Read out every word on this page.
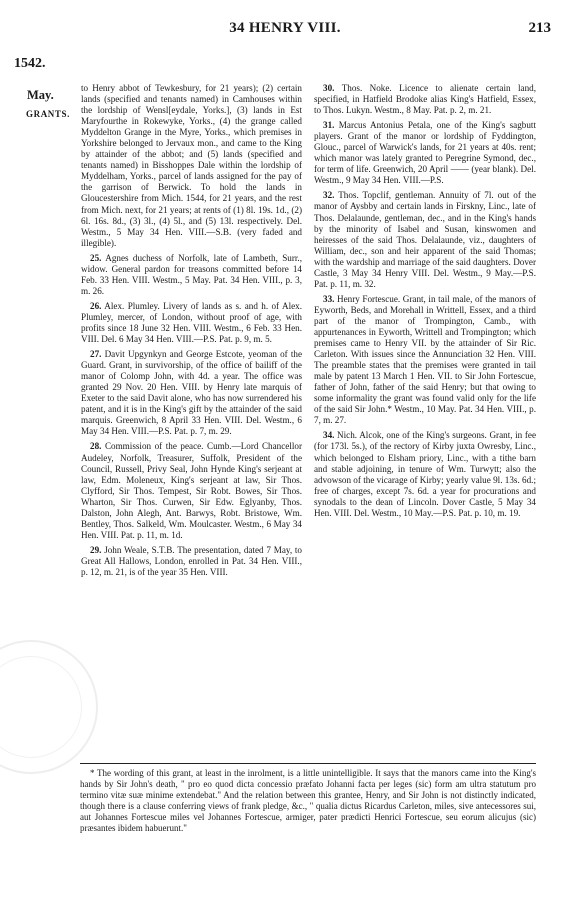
34 HENRY VIII.	213
1542.
May.
GRANTS.

to Henry abbot of Tewkesbury, for 21 years); (2) certain lands (specified and tenants named) in Camhouses within the lordship of Wensl[eydale, Yorks.], (3) lands in Est Maryfourthe in Rokewyke, Yorks., (4) the grange called Myddelton Grange in the Myre, Yorks., which premises in Yorkshire belonged to Jervaux mon., and came to the King by attainder of the abbot; and (5) lands (specified and tenants named) in Bisshoppes Dale within the lordship of Myddelham, Yorks., parcel of lands assigned for the pay of the garrison of Berwick. To hold the lands in Gloucestershire from Mich. 1544, for 21 years, and the rest from Mich. next, for 21 years; at rents of (1) 8l. 19s. 1d., (2) 6l. 16s. 8d., (3) 3l., (4) 5l., and (5) 13l. respectively. Del. Westm., 5 May 34 Hen. VIII.—S.B. (very faded and illegible).

25. Agnes duchess of Norfolk, late of Lambeth, Surr., widow. General pardon for treasons committed before 14 Feb. 33 Hen. VIII. Westm., 5 May. Pat. 34 Hen. VIII., p. 3, m. 26.

26. Alex. Plumley. Livery of lands as s. and h. of Alex. Plumley, mercer, of London, without proof of age, with profits since 18 June 32 Hen. VIII. Westm., 6 Feb. 33 Hen. VIII. Del. 6 May 34 Hen. VIII.—P.S. Pat. p. 9, m. 5.

27. Davit Upgynkyn and George Estcote, yeoman of the Guard. Grant, in survivorship, of the office of bailiff of the manor of Colomp John, with 4d. a year. The office was granted 29 Nov. 20 Hen. VIII. by Henry late marquis of Exeter to the said Davit alone, who has now surrendered his patent, and it is in the King's gift by the attainder of the said marquis. Greenwich, 8 April 33 Hen. VIII. Del. Westm., 6 May 34 Hen. VIII.—P.S. Pat. p. 7, m. 29.

28. Commission of the peace. Cumb.—Lord Chancellor Audeley, Norfolk, Treasurer, Suffolk, President of the Council, Russell, Privy Seal, John Hynde King's serjeant at law, Edm. Moleneux, King's serjeant at law, Sir Thos. Clyfford, Sir Thos. Tempest, Sir Robt. Bowes, Sir Thos. Wharton, Sir Thos. Curwen, Sir Edw. Eglyanby, Thos. Dalston, John Alegh, Ant. Barwys, Robt. Bristowe, Wm. Bentley, Thos. Salkeld, Wm. Moulcaster. Westm., 6 May 34 Hen. VIII. Pat. p. 11, m. 1d.

29. John Weale, S.T.B. The presentation, dated 7 May, to Great All Hallows, London, enrolled in Pat. 34 Hen. VIII., p. 12, m. 21, is of the year 35 Hen. VIII.

30. Thos. Noke. Licence to alienate certain land, specified, in Hatfield Brodoke alias King's Hatfield, Essex, to Thos. Lukyn. Westm., 8 May. Pat. p. 2, m. 21.

31. Marcus Antonius Petala, one of the King's sagbutt players. Grant of the manor or lordship of Fyddington, Glouc., parcel of Warwick's lands, for 21 years at 40s. rent; which manor was lately granted to Peregrine Symond, dec., for term of life. Greenwich, 20 April —— (year blank). Del. Westm., 9 May 34 Hen. VIII.—P.S.

32. Thos. Topclif, gentleman. Annuity of 7l. out of the manor of Aysbby and certain lands in Firskny, Linc., late of Thos. Delalaunde, gentleman, dec., and in the King's hands by the minority of Isabel and Susan, kinswomen and heiresses of the said Thos. Delalaunde, viz., daughters of William, dec., son and heir apparent of the said Thomas; with the wardship and marriage of the said daughters. Dover Castle, 3 May 34 Henry VIII. Del. Westm., 9 May.—P.S. Pat. p. 11, m. 32.

33. Henry Fortescue. Grant, in tail male, of the manors of Eyworth, Beds, and Morehall in Writtell, Essex, and a third part of the manor of Trompington, Camb., with appurtenances in Eyworth, Writtell and Trompington; which premises came to Henry VII. by the attainder of Sir Ric. Carleton. With issues since the Annunciation 32 Hen. VIII. The preamble states that the premises were granted in tail male by patent 13 March 1 Hen. VII. to Sir John Fortescue, father of John, father of the said Henry; but that owing to some informality the grant was found valid only for the life of the said Sir John.* Westm., 10 May. Pat. 34 Hen. VIII., p. 7, m. 27.

34. Nich. Alcok, one of the King's surgeons. Grant, in fee (for 173l. 5s.), of the rectory of Kirby juxta Owresby, Linc., which belonged to Elsham priory, Linc., with a tithe barn and stable adjoining, in tenure of Wm. Turwytt; also the advowson of the vicarage of Kirby; yearly value 9l. 13s. 6d.; free of charges, except 7s. 6d. a year for procurations and synodals to the dean of Lincoln. Dover Castle, 5 May 34 Hen. VIII. Del. Westm., 10 May.—P.S. Pat. p. 10, m. 19.

* The wording of this grant, at least in the inrolment, is a little unintelligible. It says that the manors came into the King's hands by Sir John's death, " pro eo quod dicta concessio præfato Johanni facta per leges (sic) form am ultra statutum pro termino vitæ suæ minime extendebat." And the relation between this grantee, Henry, and Sir John is not distinctly indicated, though there is a clause conferring views of frank pledge, &c., " qualia dictus Ricardus Carleton, miles, sive antecessores sui, aut Johannes Fortescue miles vel Johannes Fortescue, armiger, pater prædicti Henrici Fortescue, seu eorum alicujus (sic) præsantes ibidem habuerunt."
